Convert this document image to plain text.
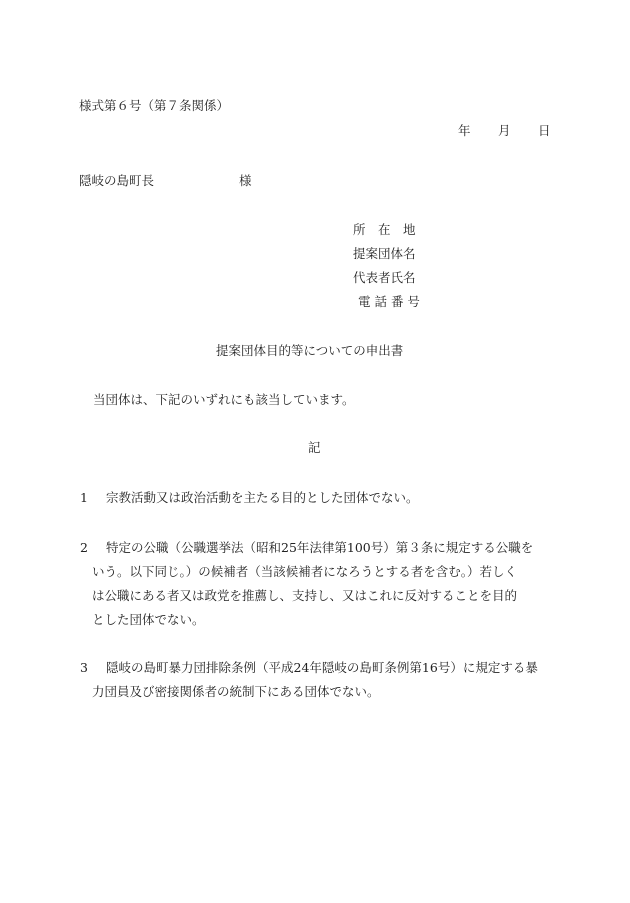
様式第６号（第７条関係）
年 月 日
隠岐の島町長	様
所　在　地
提案団体名
代表者氏名
電 話 番 号
提案団体目的等についての申出書
当団体は、下記のいずれにも該当しています。
記
1 宗教活動又は政治活動を主たる目的とした団体でない。
2 特定の公職（公職選挙法（昭和25年法律第100号）第３条に規定する公職を
いう。以下同じ。）の候補者（当該候補者になろうとする者を含む。）若しく
は公職にある者又は政党を推薦し、支持し、又はこれに反対することを目的
とした団体でない。
3 隠岐の島町暴力団排除条例（平成24年隠岐の島町条例第16号）に規定する暴
力団員及び密接関係者の統制下にある団体でない。
